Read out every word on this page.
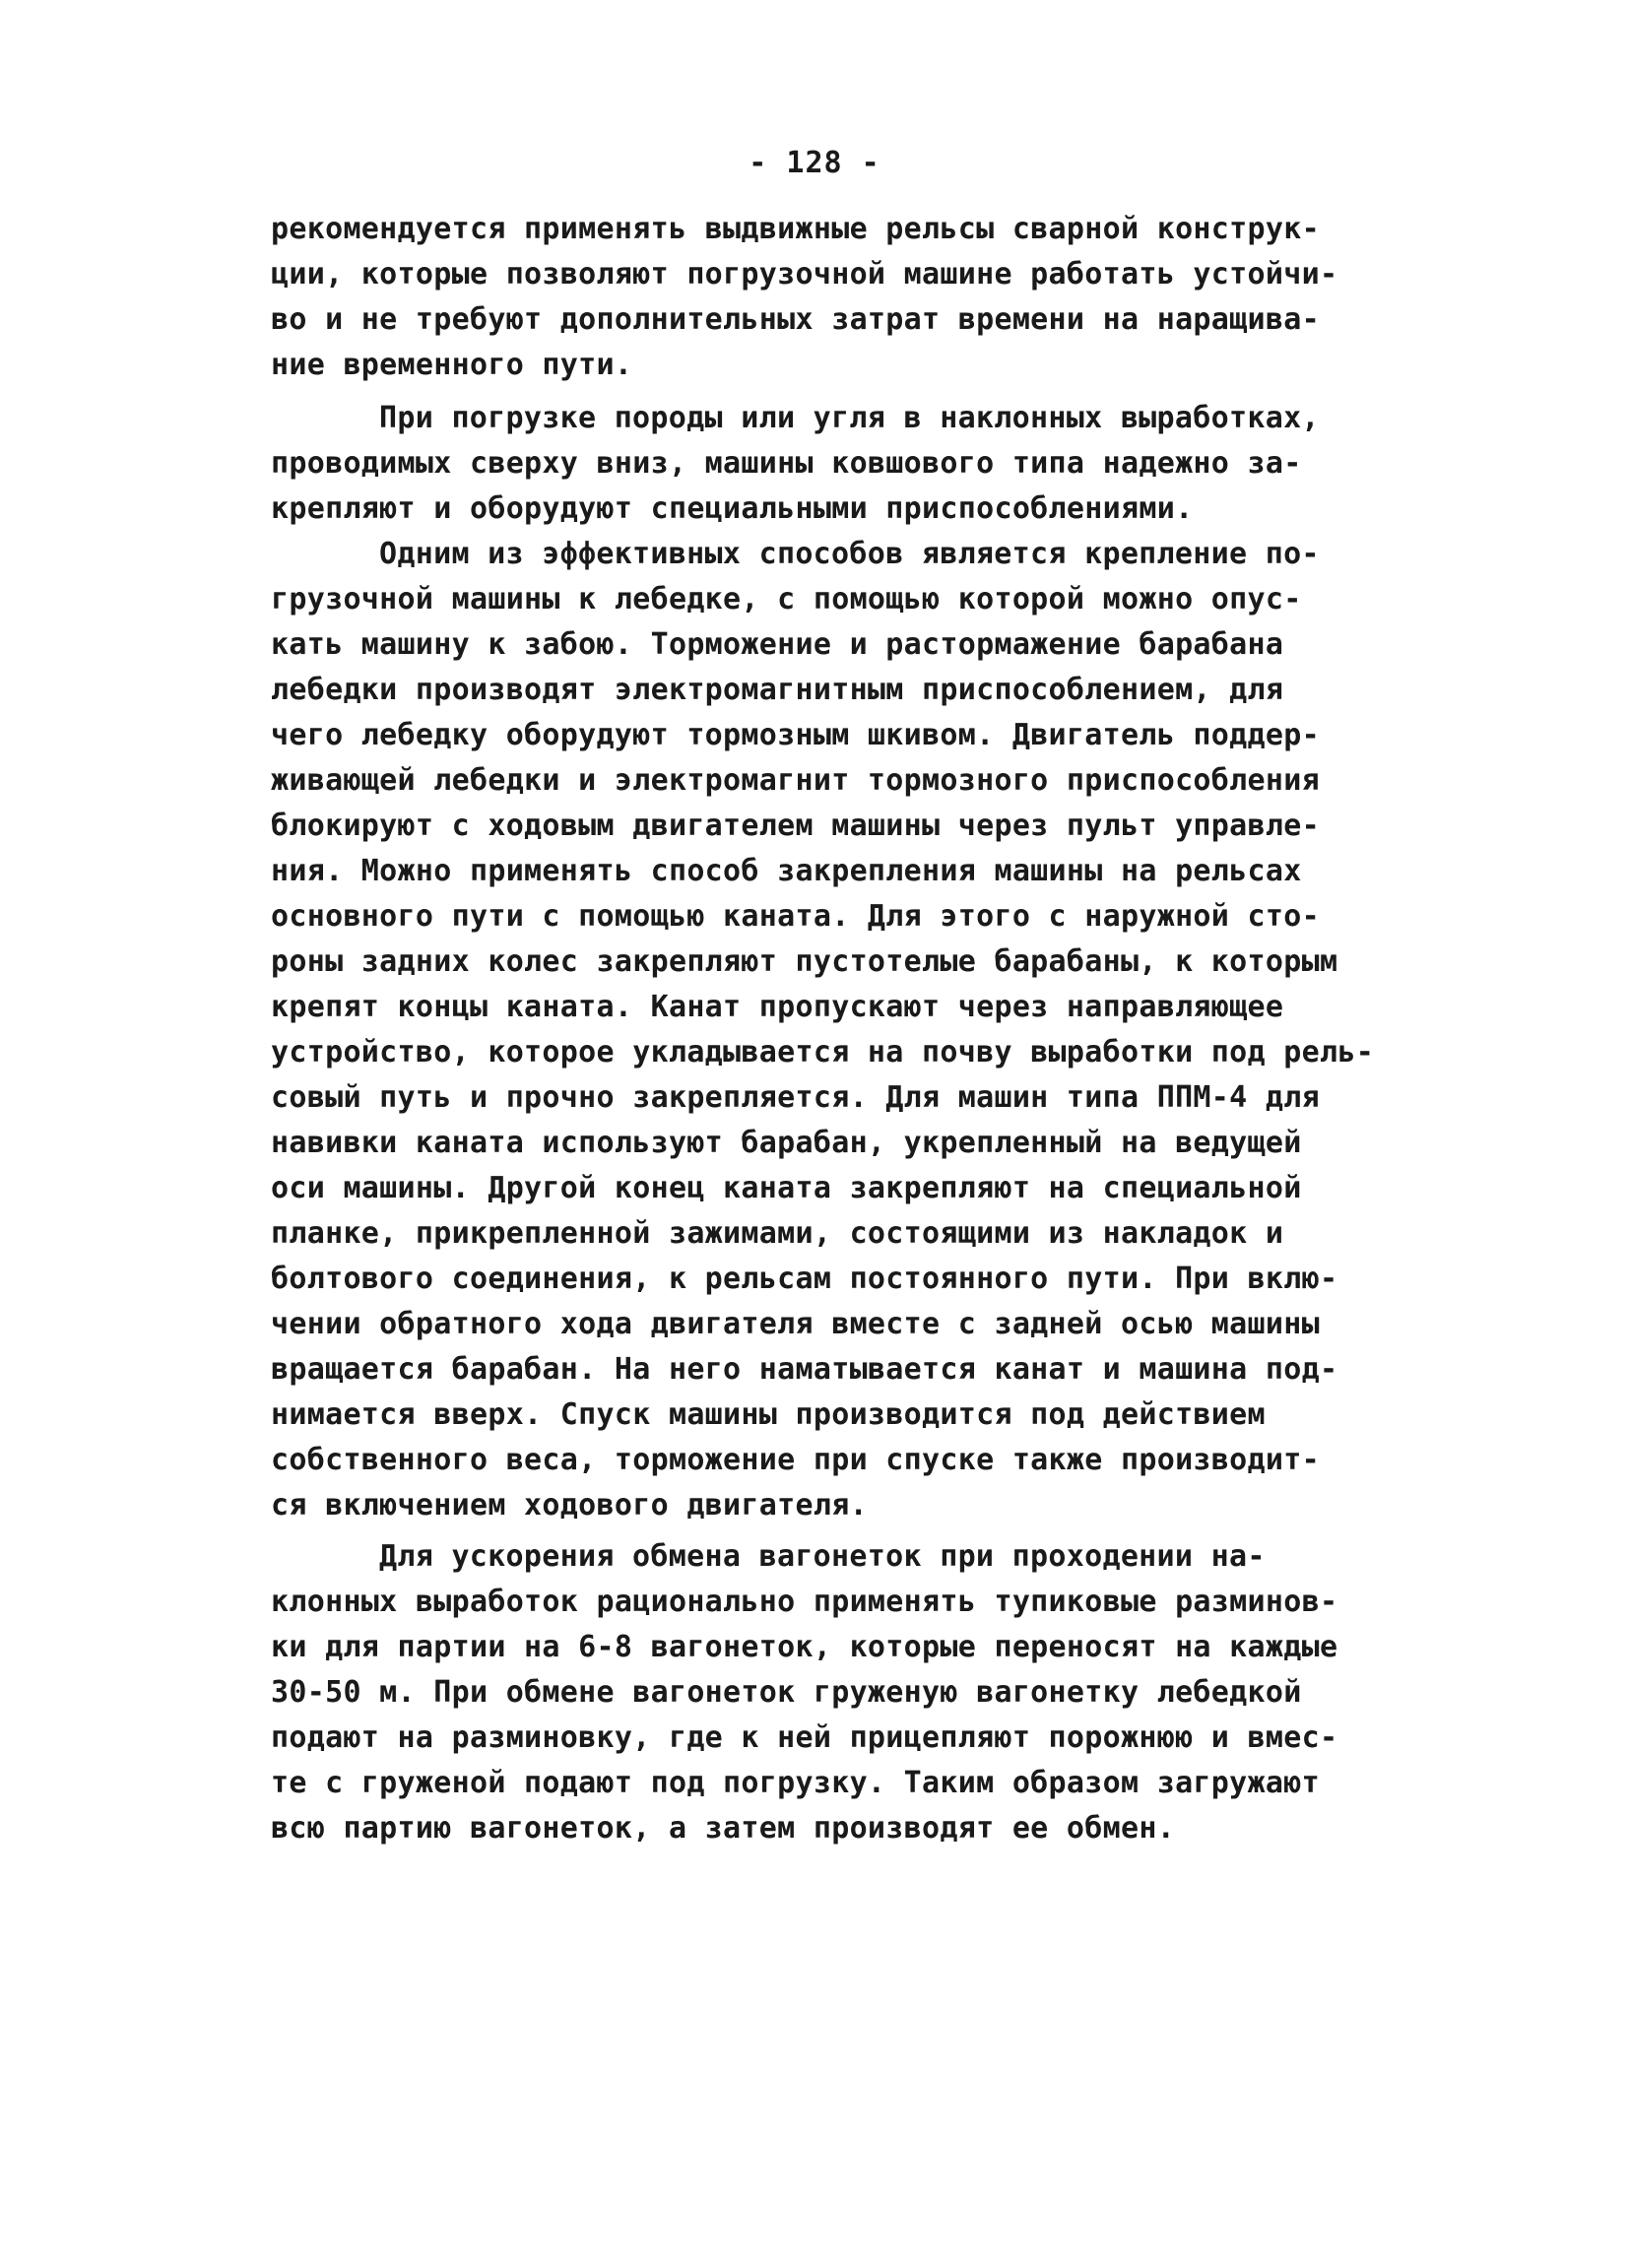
- 128 -
рекомендуется применять выдвижные рельсы сварной конструк-
ции, которые позволяют погрузочной машине работать устойчи-
во и не требуют дополнительных затрат времени на наращива-
ние временного пути.
При погрузке породы или угля в наклонных выработках,
проводимых сверху вниз, машины ковшового типа надежно за-
крепляют и оборудуют специальными приспособлениями.
Одним из эффективных способов является крепление по-
грузочной машины к лебедке, с помощью которой можно опус-
кать машину к забою. Торможение и растормажение барабана
лебедки производят электромагнитным приспособлением, для
чего лебедку оборудуют тормозным шкивом. Двигатель поддер-
живающей лебедки и электромагнит тормозного приспособления
блокируют с ходовым двигателем машины через пульт управле-
ния. Можно применять способ закрепления машины на рельсах
основного пути с помощью каната. Для этого с наружной сто-
роны задних колес закрепляют пустотелые барабаны, к которым
крепят концы каната. Канат пропускают через направляющее
устройство, которое укладывается на почву выработки под рель-
совый путь и прочно закрепляется. Для машин типа ППМ-4 для
навивки каната используют барабан, укрепленный на ведущей
оси машины. Другой конец каната закрепляют на специальной
планке, прикрепленной зажимами, состоящими из накладок и
болтового соединения, к рельсам постоянного пути. При вклю-
чении обратного хода двигателя вместе с задней осью машины
вращается барабан. На него наматывается канат и машина под-
нимается вверх. Спуск машины производится под действием
собственного веса, торможение при спуске также производит-
ся включением ходового двигателя.
Для ускорения обмена вагонеток при проходении на-
клонных выработок рационально применять тупиковые разминов-
ки для партии на 6-8 вагонеток, которые переносят на каждые
30-50 м. При обмене вагонеток груженую вагонетку лебедкой
подают на разминовку, где к ней прицепляют порожнюю и вмес-
те с груженой подают под погрузку. Таким образом загружают
всю партию вагонеток, а затем производят ее обмен.
